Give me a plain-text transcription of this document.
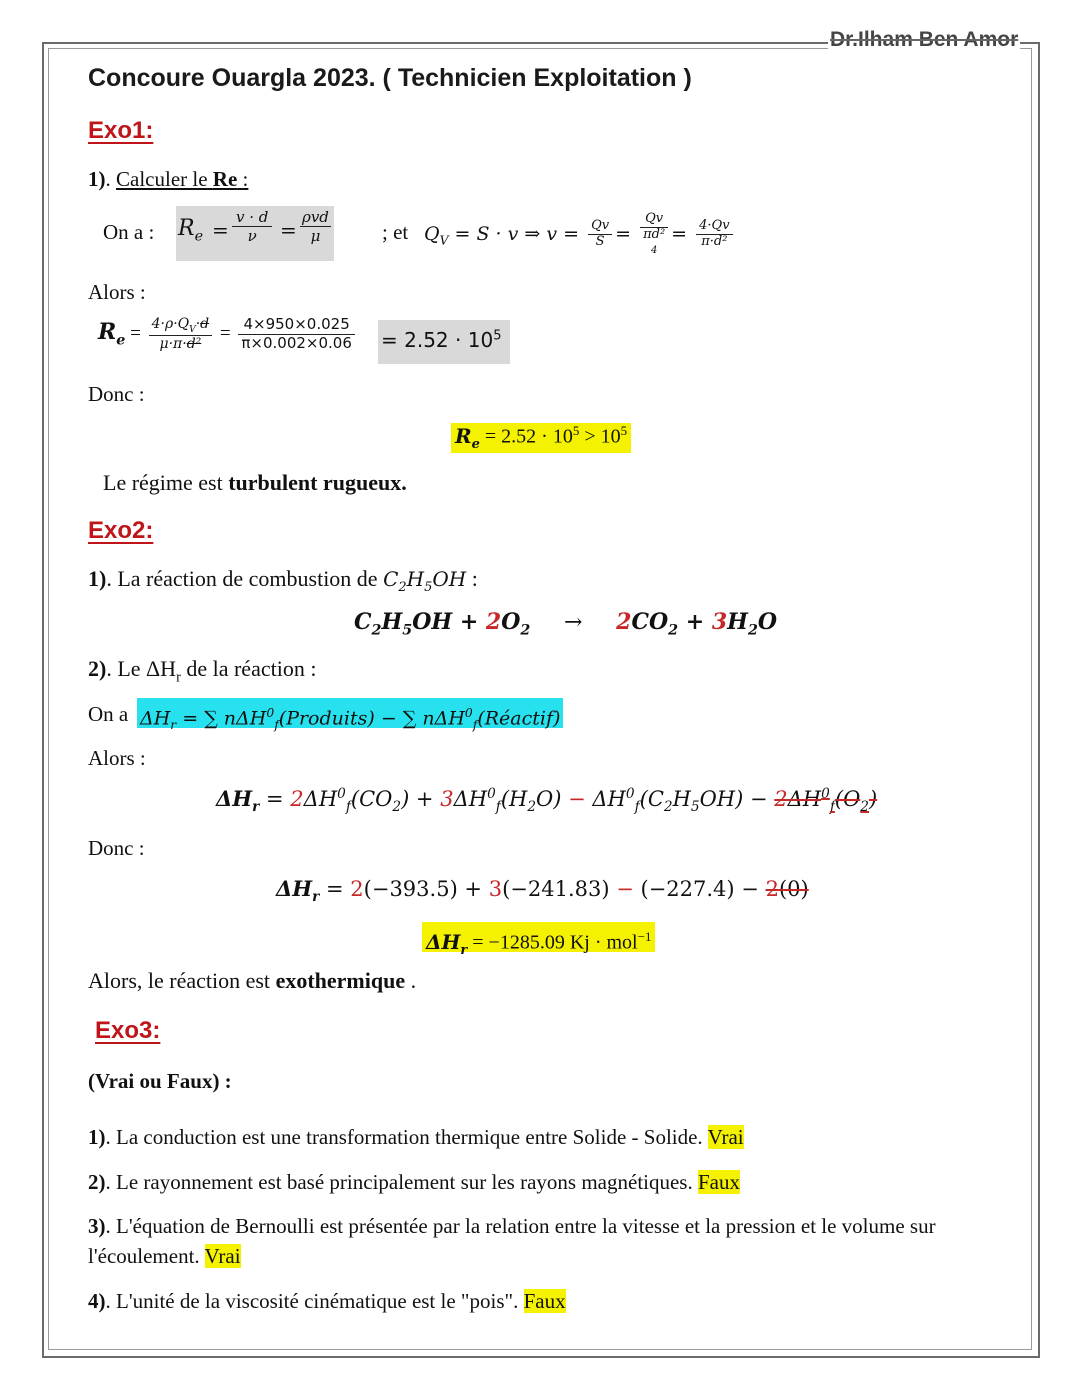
Dr.Ilham Ben Amor
Concoure Ouargla 2023. ( Technicien Exploitation )
Exo1:
1). Calculer le Re :
On a : $R_e$ =
v · d
ν	=
ρvd
μ	; et $Q_V = S \cdot v$ ⇒ $v = \frac{Qv}{S}$ =
Qv
πd²
4
= $\frac{4\cdot Qv}{\text{π·d²}}$
Alors :
$R_e = \frac{4\cdot\rho\cdot Q_V\cdot d}{\text{μ·π·d²}} = \frac{4\times 950\times 0.025}{\pi\times 0.002\times 0.06} = 2.52 \cdot 10^5$
Donc :
$R_e = 2.52 \cdot 10^5 > 10^5$
Le régime est turbulent rugueux.
Exo2:
1). La réaction de combustion de $C_2H_5OH$ :
$C_2H_5OH + 2O_2 \to 2CO_2 + 3H_2O$
2). Le $\Delta H_r$ de la réaction :
On a $\Delta H_r$ = ∑ nΔH$^0_f$(Produits) − ∑ nΔH$^0_f$(Réactif)
Alors :
$\Delta H_r = 2\Delta H^0_f(CO_2) + 3\Delta H^0_f(H_2O) - \Delta H^0_f(C_2H_5OH) - 2\Delta H^0_f(O_2)$
Donc :
$\Delta H_r = 2(-393.5) + 3(-241.83) - (-227.4) - 2(0)$
$\Delta H_r = -1285.09$ Kj · mol$^{-1}$
Alors, le réaction est exothermique .
Exo3:
(Vrai ou Faux) :
1). La conduction est une transformation thermique entre Solide - Solide. Vrai
2). Le rayonnement est basé principalement sur les rayons magnétiques. Faux
3). L'équation de Bernoulli est présentée par la relation entre la vitesse et la pression et le volume sur
l'écoulement. Vrai
4). L'unité de la viscosité cinématique est le "pois". Faux
